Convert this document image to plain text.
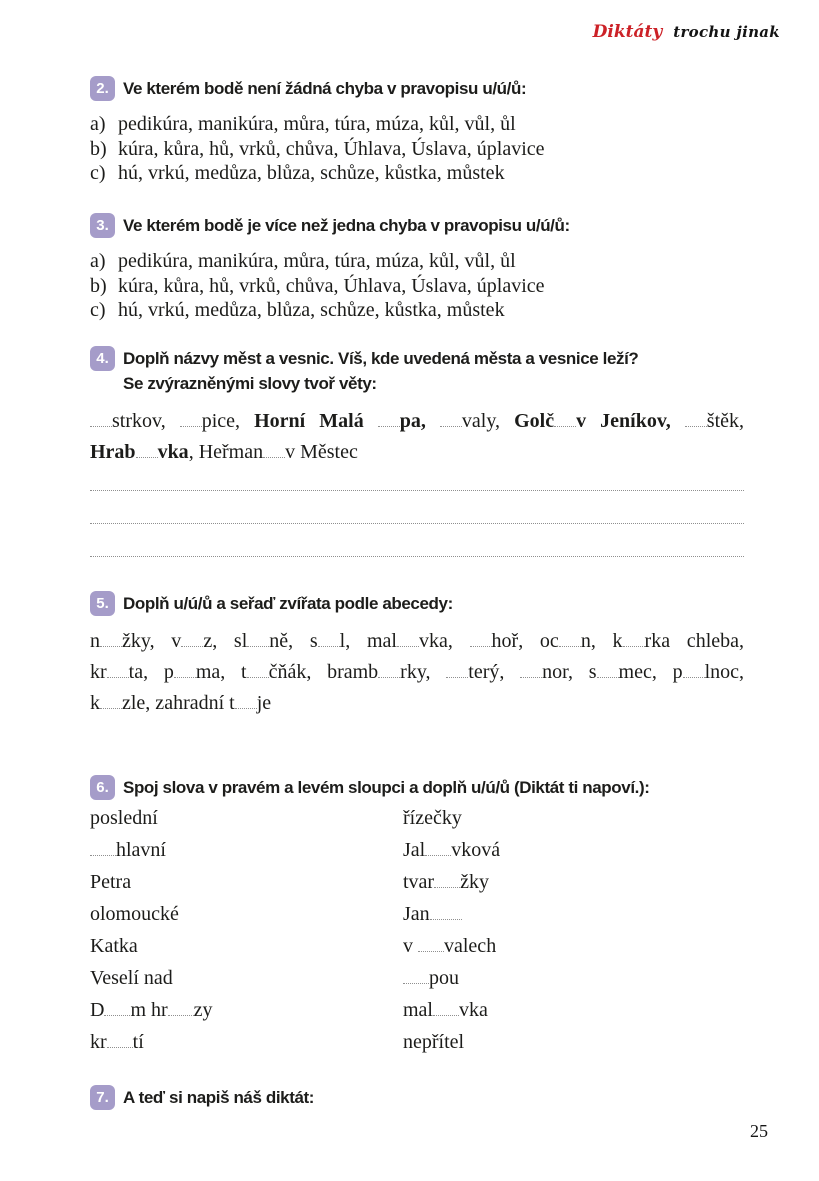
Diktáty trochu jinak
2. Ve kterém bodě není žádná chyba v pravopisu u/ú/ů:
a) pedikúra, manikúra, můra, túra, múza, kůl, vůl, ůl
b) kúra, kůra, hů, vrků, chůva, Úhlava, Úslava, úplavice
c) hú, vrkú, medůza, blůza, schůze, kůstka, můstek
3. Ve kterém bodě je více než jedna chyba v pravopisu u/ú/ů:
a) pedikúra, manikúra, můra, túra, múza, kůl, vůl, ůl
b) kúra, kůra, hů, vrků, chůva, Úhlava, Úslava, úplavice
c) hú, vrkú, medůza, blůza, schůze, kůstka, můstek
4. Doplň názvy měst a vesnic. Víš, kde uvedená města a vesnice leží?
Se zvýrazněnými slovy tvoř věty:
strkov, pice, Horní Malá pa, valy, Golč v Jeníkov, štěk,
Hrab vka, Heřman v Městec
5. Doplň u/ú/ů a seřaď zvířata podle abecedy:
n žky, v z, sl ně, s l, mal vka, hoř, oc n, k rka chleba,
kr ta, p ma, t čňák, bramb rky, terý, nor, s mec, p lnoc,
k zle, zahradní t je
6. Spoj slova v pravém a levém sloupci a doplň u/ú/ů (Diktát ti napoví.):
poslední	řízečky
hlavní	Jal vková
Petra	tvar žky
olomoucké	Jan
Katka	v valech
Veselí nad	pou
D m hr zy	mal vka
kr tí	nepřítel
7. A teď si napiš náš diktát:
25
